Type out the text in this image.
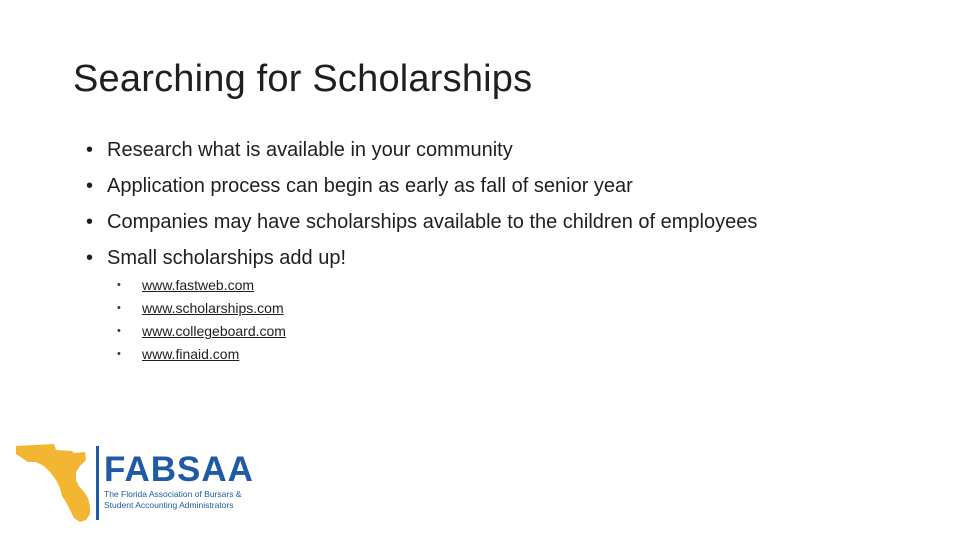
Searching for Scholarships
• Research what is available in your community
• Application process can begin as early as fall of senior year
• Companies may have scholarships available to the children of employees
• Small scholarships add up!
• www.fastweb.com
• www.scholarships.com
• www.collegeboard.com
• www.finaid.com
FABSAA
The Florida Association of Bursars &
Student Accounting Administrators
